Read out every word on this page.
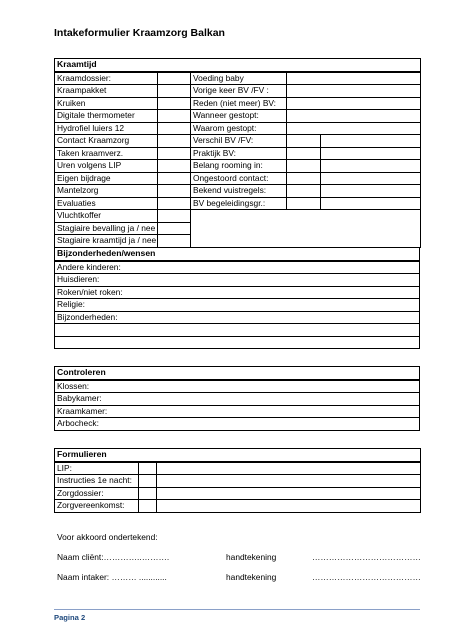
Intakeformulier Kraamzorg Balkan
Kraamtijd				
Kraamdossier:		Voeding baby		
Kraampakket		Vorige keer BV /FV :		
Kruiken		Reden (niet meer) BV:		
Digitale thermometer		Wanneer gestopt:		
Hydrofiel luiers 12		Waarom gestopt:		
Contact Kraamzorg		Verschil BV /FV:		
Taken kraamverz.		Praktijk BV:		
Uren volgens LIP		Belang rooming in:		
Eigen bijdrage		Ongestoord contact:		
Mantelzorg		Bekend vuistregels:		
Evaluaties		BV begeleidingsgr.:		
Vluchtkoffer				
Stagiaire bevalling ja / nee				
Stagiaire kraamtijd ja / nee				
Bijzonderheden/wensen
Andere kinderen:
Huisdieren:
Roken/niet roken:
Religie:
Bijzonderheden:

Controleren
Klossen:
Babykamer:
Kraamkamer:
Arbocheck:
Formulieren		
LIP:		
Instructies 1e nacht:		
Zorgdossier:		
Zorgvereenkomst:		
Voor akkoord ondertekend:
Naam cliënt:…………..……….	handtekening	…………………………………
Naam intaker: ……… ............	handtekening	…………………………………
Pagina 2
